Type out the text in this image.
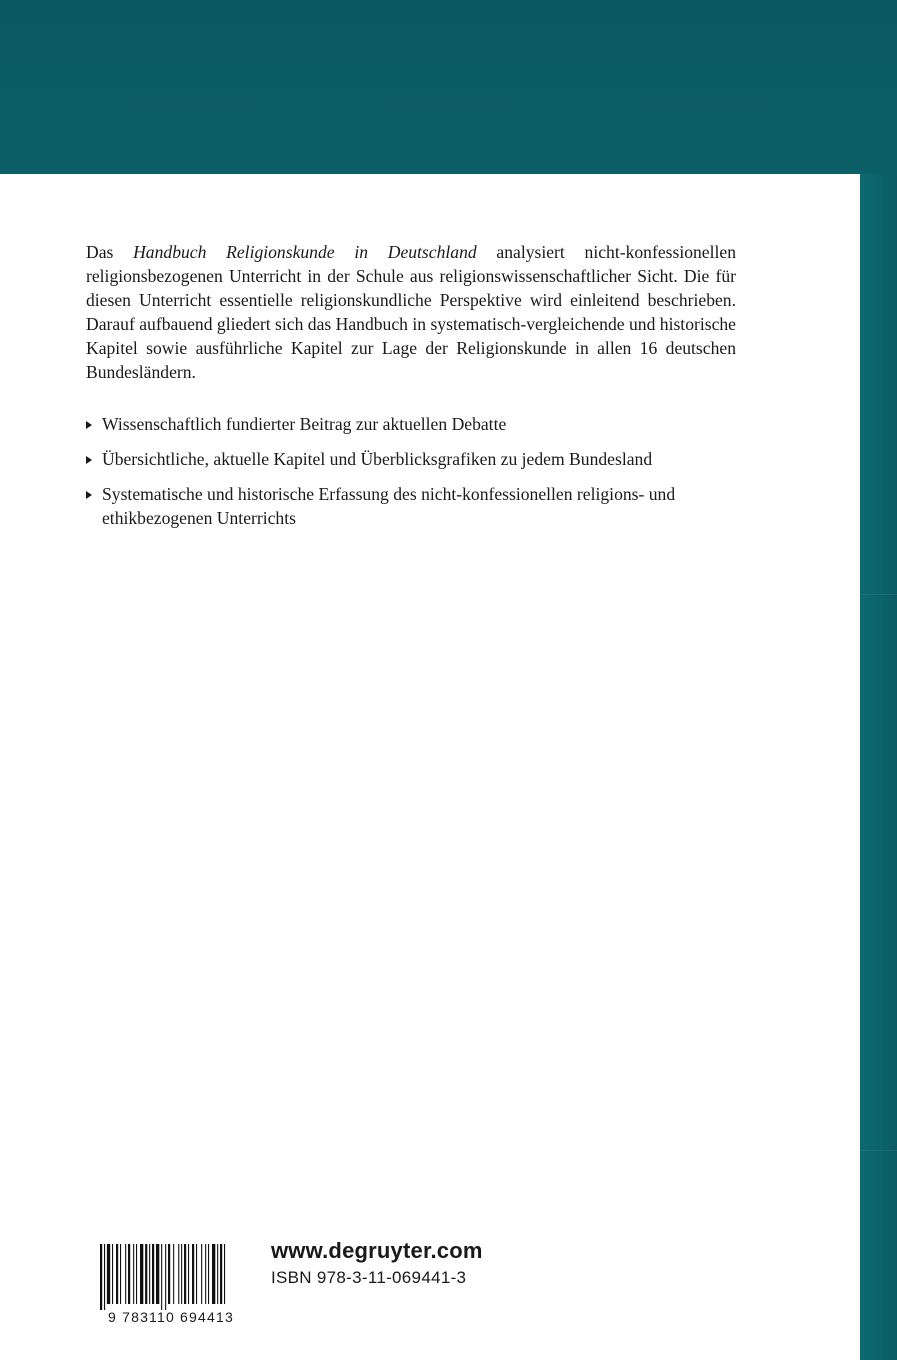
Das Handbuch Religionskunde in Deutschland analysiert nicht-konfessionellen religionsbezogenen Unterricht in der Schule aus religionswissenschaftlicher Sicht. Die für diesen Unterricht essentielle religionskundliche Perspektive wird einleitend beschrieben. Darauf aufbauend gliedert sich das Handbuch in systematisch-vergleichende und historische Kapitel sowie ausführliche Kapitel zur Lage der Religionskunde in allen 16 deutschen Bundesländern.

Wissenschaftlich fundierter Beitrag zur aktuellen Debatte
Übersichtliche, aktuelle Kapitel und Überblicksgrafiken zu jedem Bundesland
Systematische und historische Erfassung des nicht-konfessionellen religions- und ethikbezogenen Unterrichts
9 783110 694413
www.degruyter.com
ISBN 978-3-11-069441-3
